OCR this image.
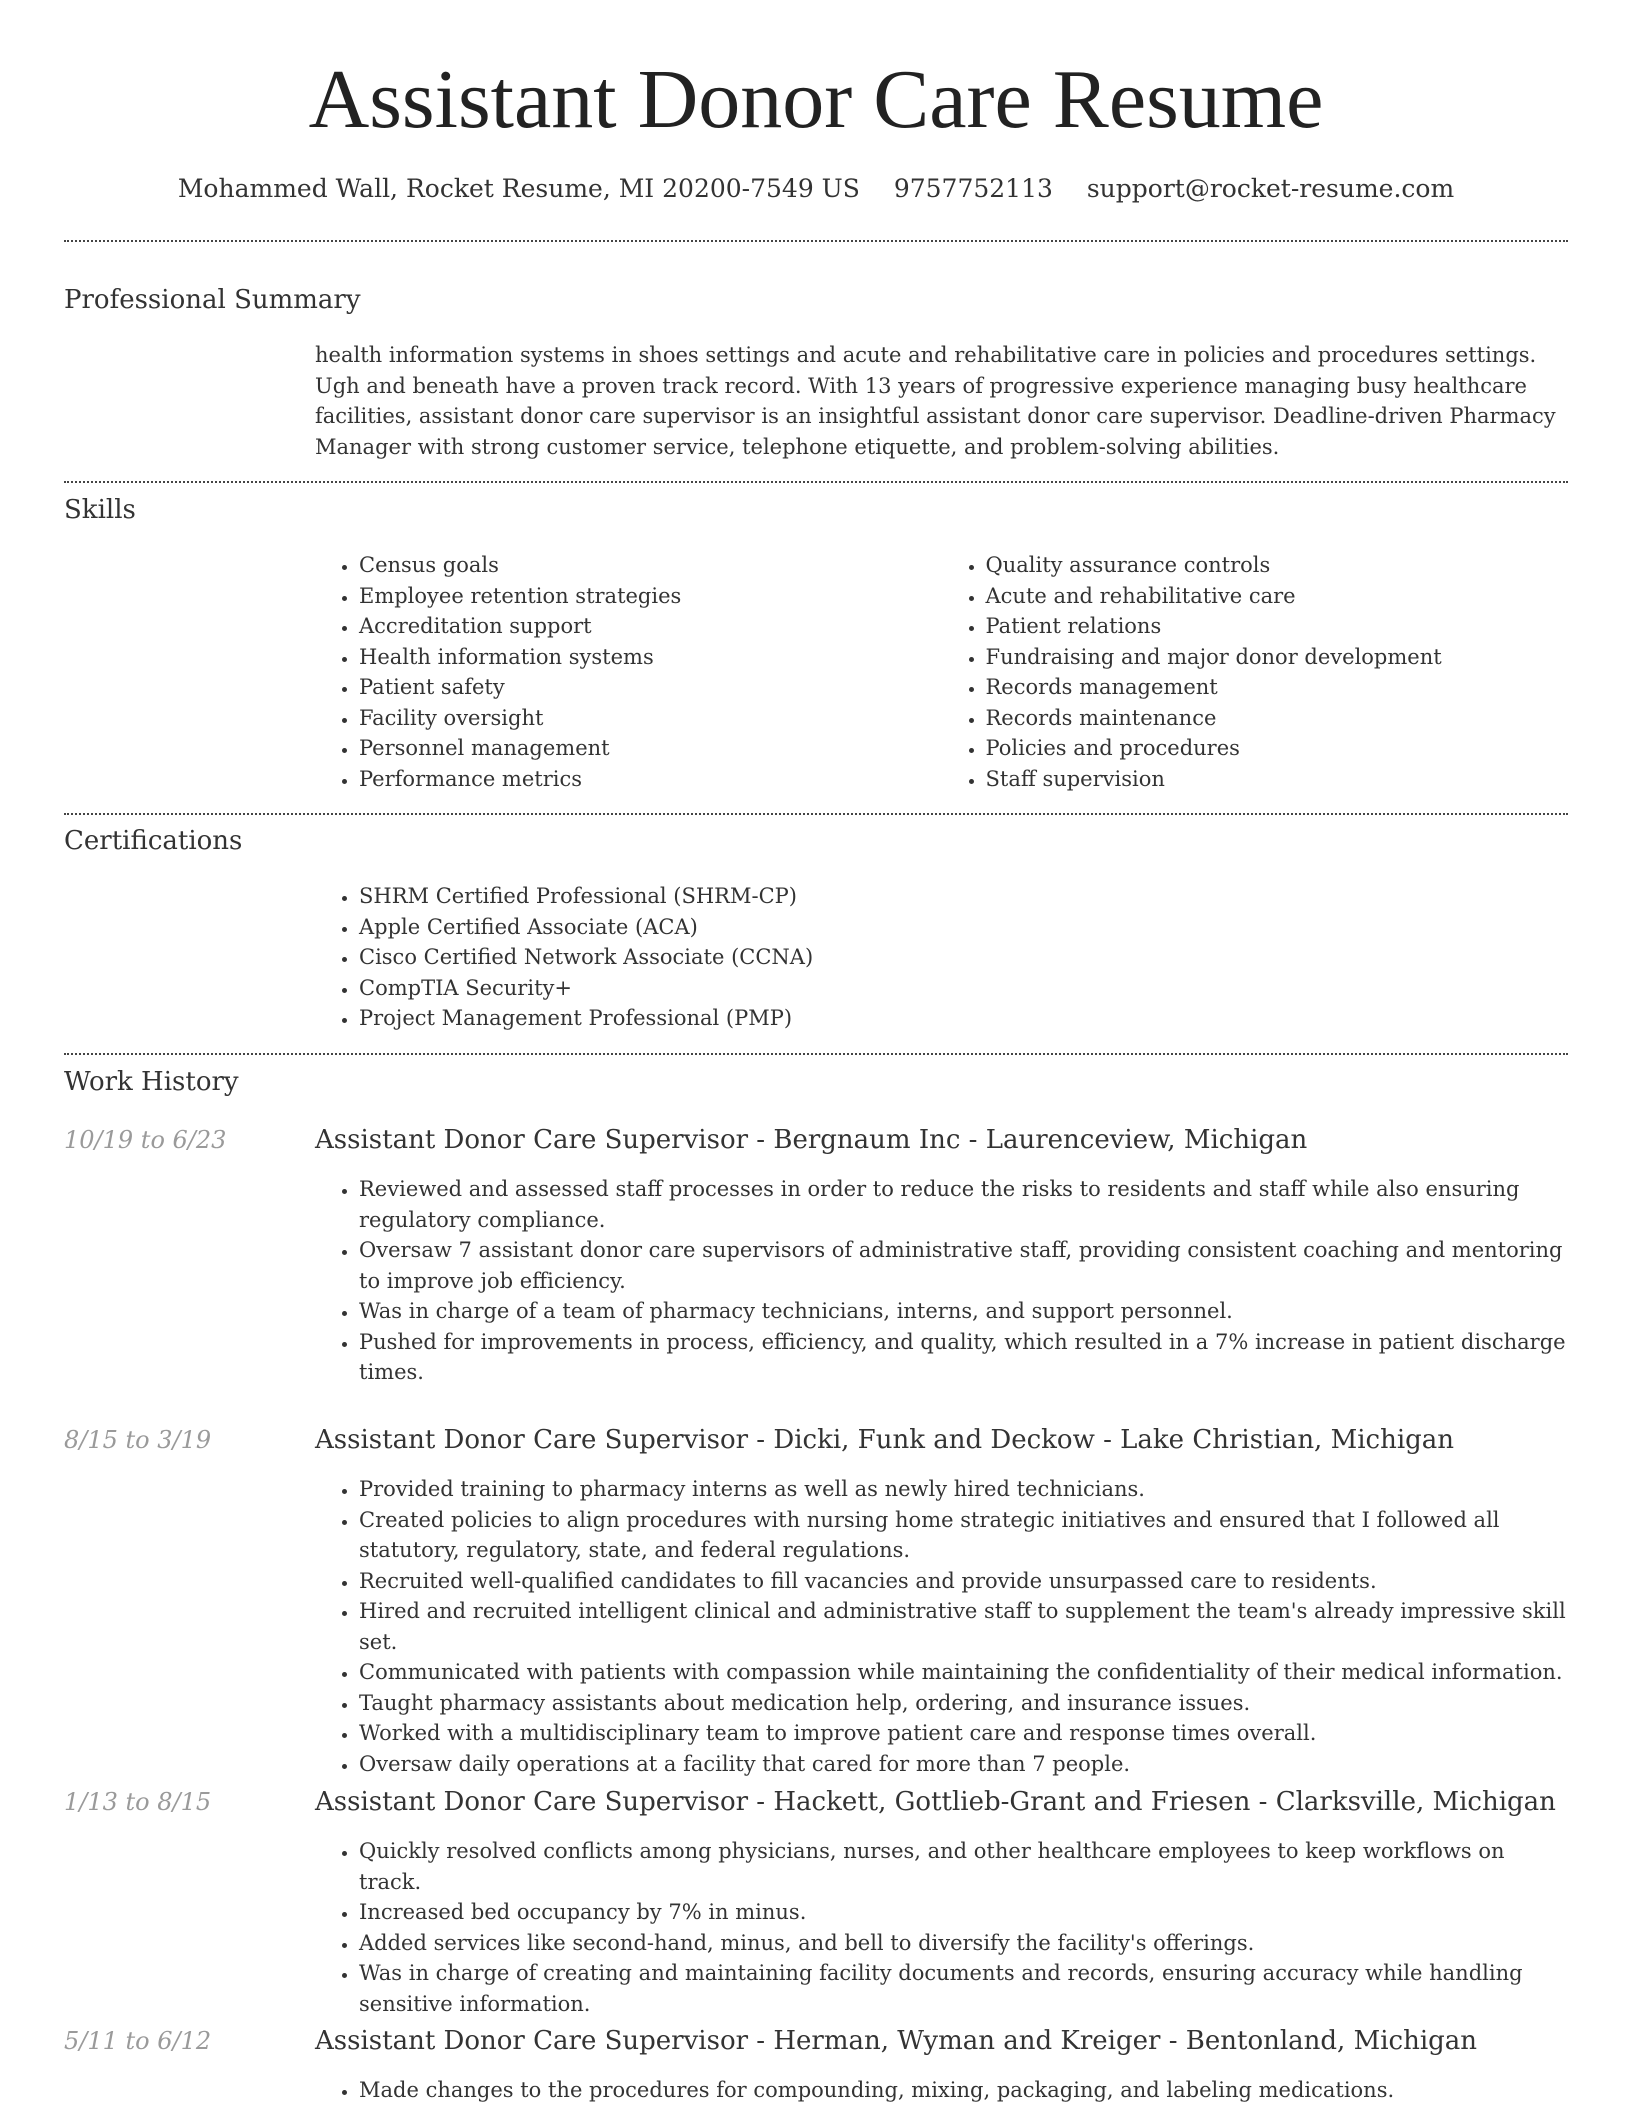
Assistant Donor Care Resume
Mohammed Wall, Rocket Resume, MI 20200-7549 US 9757752113 support@rocket-resume.com
Professional Summary

health information systems in shoes settings and acute and rehabilitative care in policies and procedures settings. Ugh and beneath have a proven track record. With 13 years of progressive experience managing busy healthcare facilities, assistant donor care supervisor is an insightful assistant donor care supervisor. Deadline-driven Pharmacy Manager with strong customer service, telephone etiquette, and problem-solving abilities.

Skills
• Census goals
• Employee retention strategies
• Accreditation support
• Health information systems
• Patient safety
• Facility oversight
• Personnel management
• Performance metrics
• Quality assurance controls
• Acute and rehabilitative care
• Patient relations
• Fundraising and major donor development
• Records management
• Records maintenance
• Policies and procedures
• Staff supervision
Certifications
• SHRM Certified Professional (SHRM-CP)
• Apple Certified Associate (ACA)
• Cisco Certified Network Associate (CCNA)
• CompTIA Security+
• Project Management Professional (PMP)
Work History
10/19 to 6/23	Assistant Donor Care Supervisor - Bergnaum Inc - Laurenceview, Michigan
• Reviewed and assessed staff processes in order to reduce the risks to residents and staff while also ensuring regulatory compliance.
• Oversaw 7 assistant donor care supervisors of administrative staff, providing consistent coaching and mentoring to improve job efficiency.
• Was in charge of a team of pharmacy technicians, interns, and support personnel.
• Pushed for improvements in process, efficiency, and quality, which resulted in a 7% increase in patient discharge times.
8/15 to 3/19	Assistant Donor Care Supervisor - Dicki, Funk and Deckow - Lake Christian, Michigan
• Provided training to pharmacy interns as well as newly hired technicians.
• Created policies to align procedures with nursing home strategic initiatives and ensured that I followed all statutory, regulatory, state, and federal regulations.
• Recruited well-qualified candidates to fill vacancies and provide unsurpassed care to residents.
• Hired and recruited intelligent clinical and administrative staff to supplement the team's already impressive skill set.
• Communicated with patients with compassion while maintaining the confidentiality of their medical information.
• Taught pharmacy assistants about medication help, ordering, and insurance issues.
• Worked with a multidisciplinary team to improve patient care and response times overall.
• Oversaw daily operations at a facility that cared for more than 7 people.
1/13 to 8/15	Assistant Donor Care Supervisor - Hackett, Gottlieb-Grant and Friesen - Clarksville, Michigan
• Quickly resolved conflicts among physicians, nurses, and other healthcare employees to keep workflows on track.
• Increased bed occupancy by 7% in minus.
• Added services like second-hand, minus, and bell to diversify the facility's offerings.
• Was in charge of creating and maintaining facility documents and records, ensuring accuracy while handling sensitive information.
5/11 to 6/12	Assistant Donor Care Supervisor - Herman, Wyman and Kreiger - Bentonland, Michigan
• Made changes to the procedures for compounding, mixing, packaging, and labeling medications.
